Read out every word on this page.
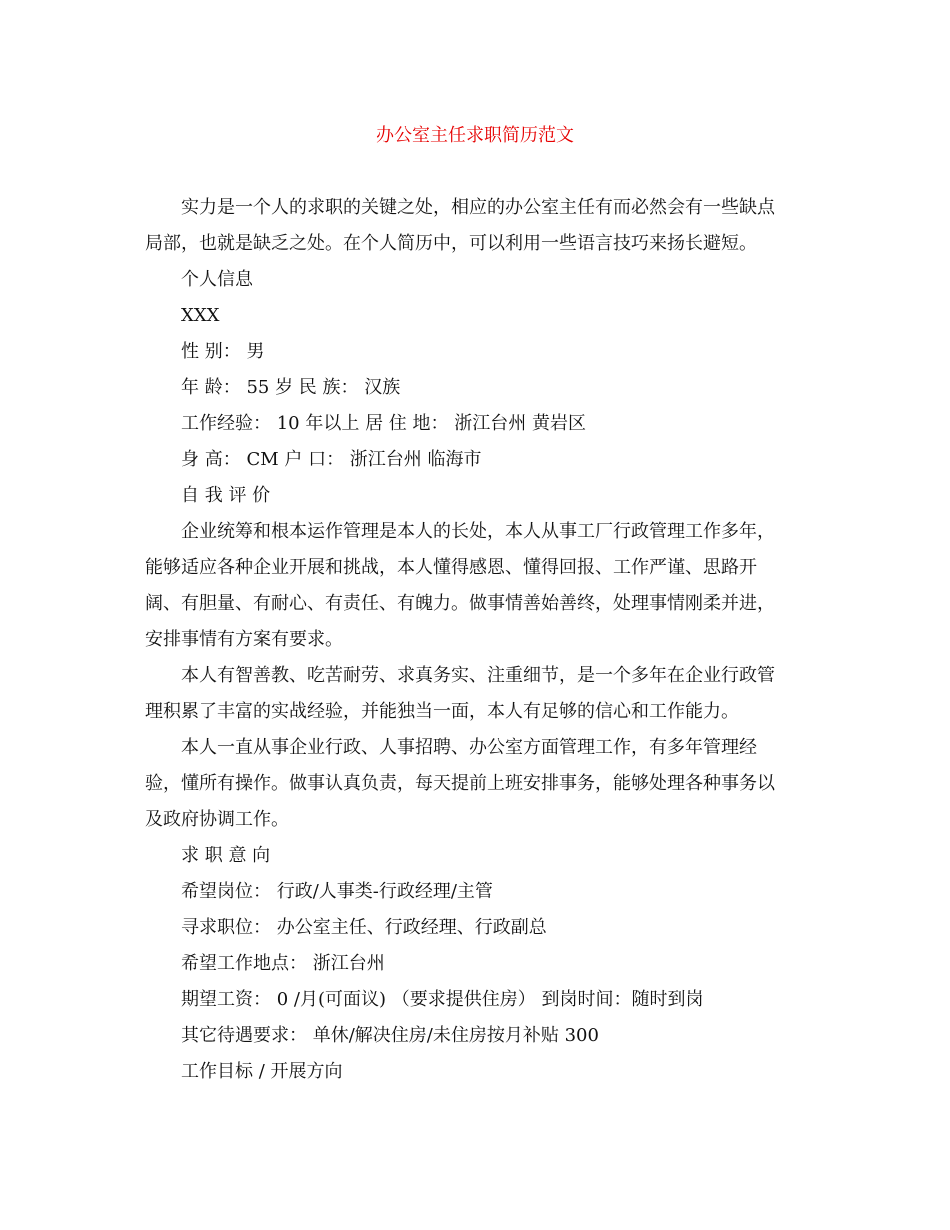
办公室主任求职简历范文

实力是一个人的求职的关键之处，相应的办公室主任有而必然会有一些缺点

局部，也就是缺乏之处。在个人简历中，可以利用一些语言技巧来扬长避短。

个人信息

XXX

性 别： 男

年 龄： 55 岁 民 族： 汉族

工作经验： 10 年以上 居 住 地： 浙江台州 黄岩区

身 高： CM 户 口： 浙江台州 临海市

自 我 评 价

企业统筹和根本运作管理是本人的长处，本人从事工厂行政管理工作多年，

能够适应各种企业开展和挑战，本人懂得感恩、懂得回报、工作严谨、思路开

阔、有胆量、有耐心、有责任、有魄力。做事情善始善终，处理事情刚柔并进，

安排事情有方案有要求。

本人有智善教、吃苦耐劳、求真务实、注重细节，是一个多年在企业行政管

理积累了丰富的实战经验，并能独当一面，本人有足够的信心和工作能力。

本人一直从事企业行政、人事招聘、办公室方面管理工作，有多年管理经

验，懂所有操作。做事认真负责，每天提前上班安排事务，能够处理各种事务以

及政府协调工作。

求 职 意 向

希望岗位： 行政/人事类-行政经理/主管

寻求职位： 办公室主任、行政经理、行政副总

希望工作地点： 浙江台州

期望工资： 0 /月(可面议) （要求提供住房） 到岗时间：随时到岗

其它待遇要求： 单休/解决住房/未住房按月补贴 300

工作目标 / 开展方向
